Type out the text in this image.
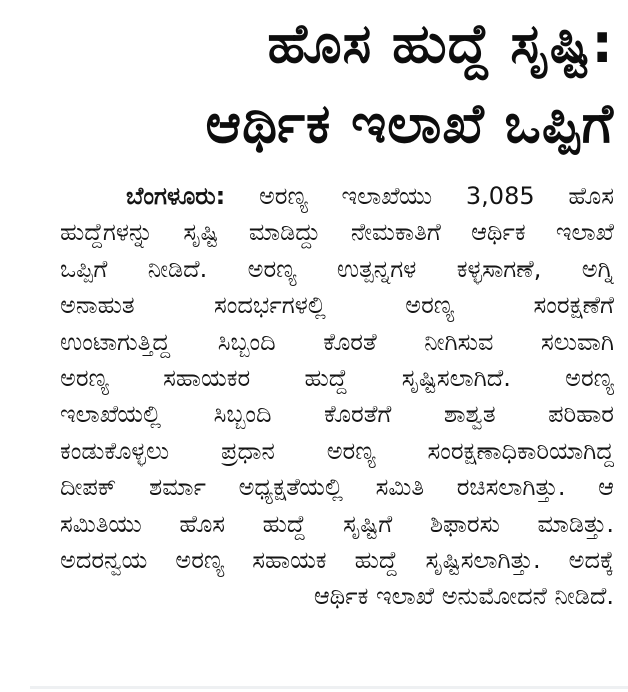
ಹೊಸ ಹುದ್ದೆ ಸೃಷ್ಟಿ:
ಆರ್ಥಿಕ ಇಲಾಖೆ ಒಪ್ಪಿಗೆ
ಬೆಂಗಳೂರು: ಅರಣ್ಯ ಇಲಾಖೆಯು 3,085 ಹೊಸ
ಹುದ್ದೆಗಳನ್ನು ಸೃಷ್ಟಿ ಮಾಡಿದ್ದು ನೇಮಕಾತಿಗೆ ಆರ್ಥಿಕ ಇಲಾಖೆ
ಒಪ್ಪಿಗೆ ನೀಡಿದೆ. ಅರಣ್ಯ ಉತ್ಪನ್ನಗಳ ಕಳ್ಳಸಾಗಣೆ, ಅಗ್ನಿ
ಅನಾಹುತ ಸಂದರ್ಭಗಳಲ್ಲಿ ಅರಣ್ಯ ಸಂರಕ್ಷಣೆಗೆ
ಉಂಟಾಗುತ್ತಿದ್ದ ಸಿಬ್ಬಂದಿ ಕೊರತೆ ನೀಗಿಸುವ ಸಲುವಾಗಿ
ಅರಣ್ಯ ಸಹಾಯಕರ ಹುದ್ದೆ ಸೃಷ್ಟಿಸಲಾಗಿದೆ. ಅರಣ್ಯ
ಇಲಾಖೆಯಲ್ಲಿ ಸಿಬ್ಬಂದಿ ಕೊರತೆಗೆ ಶಾಶ್ವತ ಪರಿಹಾರ
ಕಂಡುಕೊಳ್ಳಲು ಪ್ರಧಾನ ಅರಣ್ಯ ಸಂರಕ್ಷಣಾಧಿಕಾರಿಯಾಗಿದ್ದ
ದೀಪಕ್ ಶರ್ಮಾ ಅಧ್ಯಕ್ಷತೆಯಲ್ಲಿ ಸಮಿತಿ ರಚಿಸಲಾಗಿತ್ತು. ಆ
ಸಮಿತಿಯು ಹೊಸ ಹುದ್ದೆ ಸೃಷ್ಟಿಗೆ ಶಿಫಾರಸು ಮಾಡಿತ್ತು.
ಅದರನ್ವಯ ಅರಣ್ಯ ಸಹಾಯಕ ಹುದ್ದೆ ಸೃಷ್ಟಿಸಲಾಗಿತ್ತು. ಅದಕ್ಕೆ
ಆರ್ಥಿಕ ಇಲಾಖೆ ಅನುಮೋದನೆ ನೀಡಿದೆ.
